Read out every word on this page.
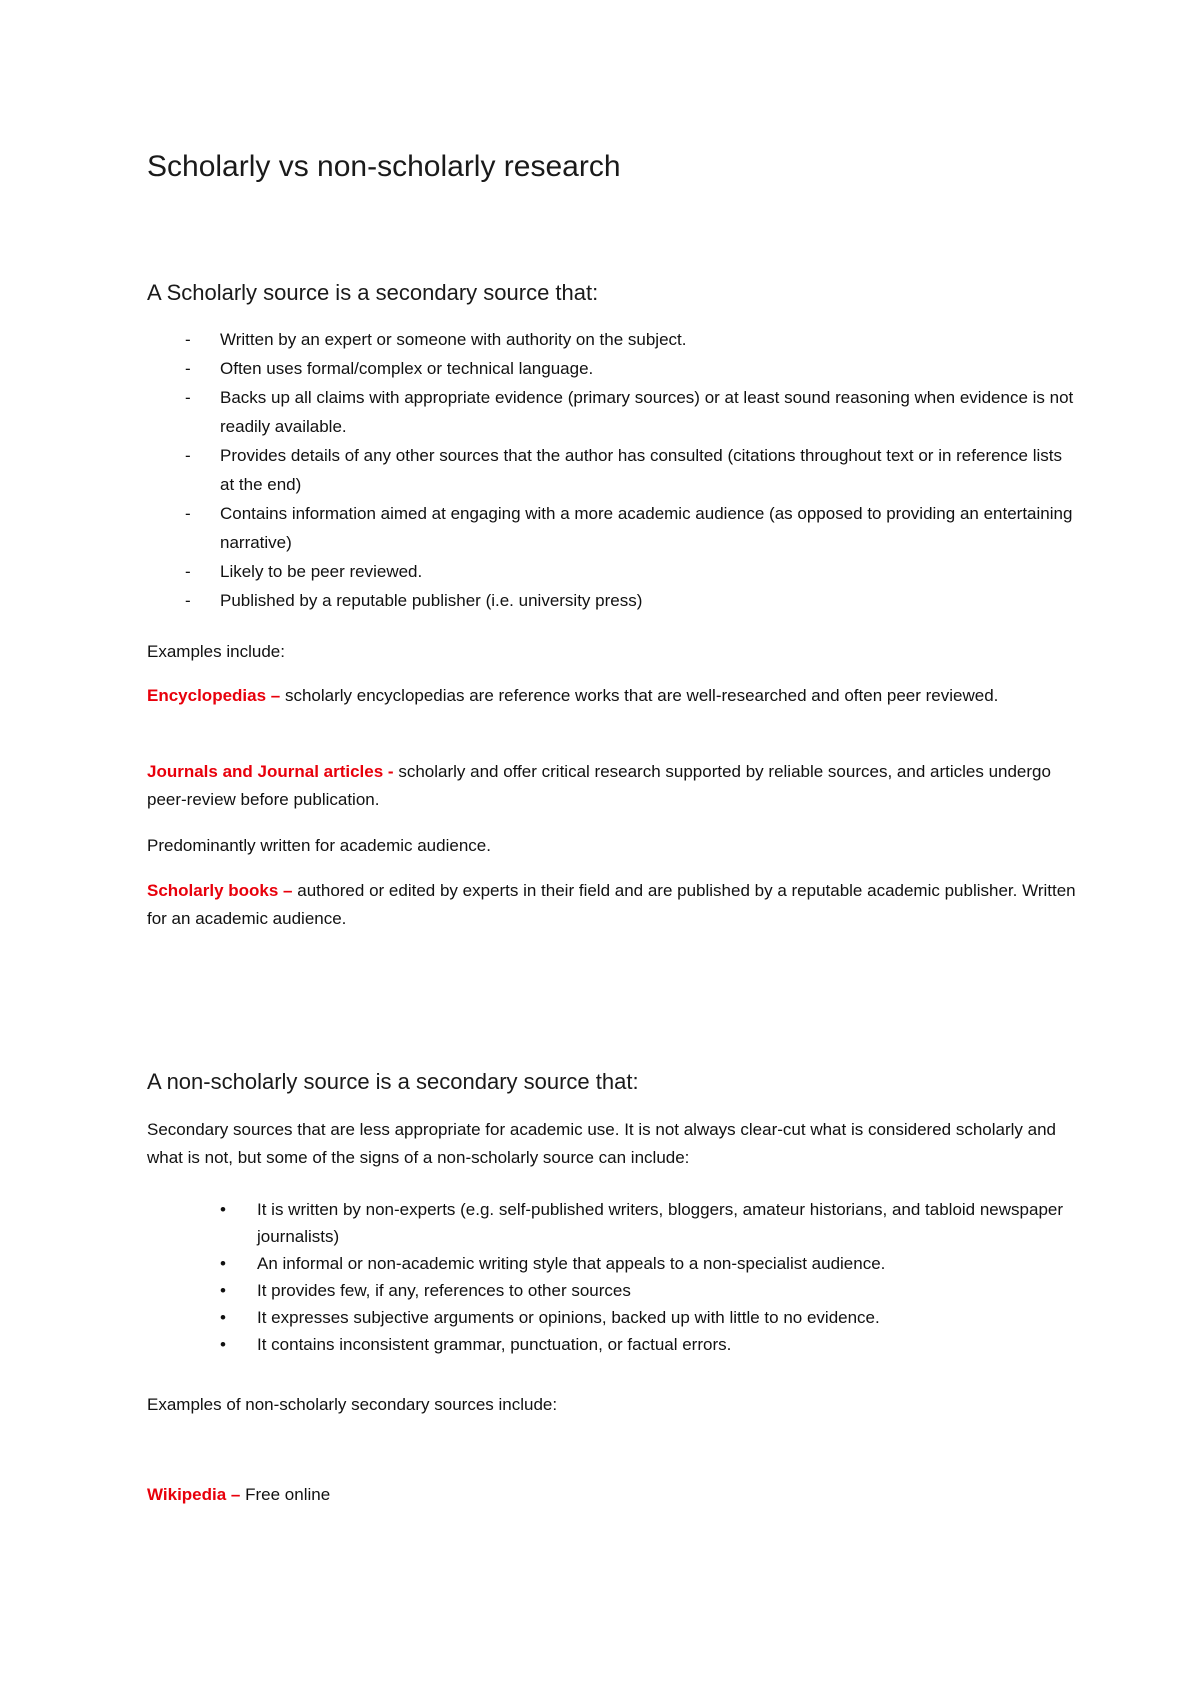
Scholarly vs non-scholarly research
A Scholarly source is a secondary source that:
- Written by an expert or someone with authority on the subject.
- Often uses formal/complex or technical language.
- Backs up all claims with appropriate evidence (primary sources) or at least sound reasoning when evidence is not readily available.
- Provides details of any other sources that the author has consulted (citations throughout text or in reference lists at the end)
- Contains information aimed at engaging with a more academic audience (as opposed to providing an entertaining narrative)
- Likely to be peer reviewed.
- Published by a reputable publisher (i.e. university press)

Examples include:

Encyclopedias – scholarly encyclopedias are reference works that are well-researched and often peer reviewed.

Journals and Journal articles - scholarly and offer critical research supported by reliable sources, and articles undergo peer-review before publication.

Predominantly written for academic audience.

Scholarly books – authored or edited by experts in their field and are published by a reputable academic publisher. Written for an academic audience.

A non-scholarly source is a secondary source that:

Secondary sources that are less appropriate for academic use. It is not always clear-cut what is considered scholarly and what is not, but some of the signs of a non-scholarly source can include:

• It is written by non-experts (e.g. self-published writers, bloggers, amateur historians, and tabloid newspaper journalists)
• An informal or non-academic writing style that appeals to a non-specialist audience.
• It provides few, if any, references to other sources
• It expresses subjective arguments or opinions, backed up with little to no evidence.
• It contains inconsistent grammar, punctuation, or factual errors.

Examples of non-scholarly secondary sources include:

Wikipedia – Free online
